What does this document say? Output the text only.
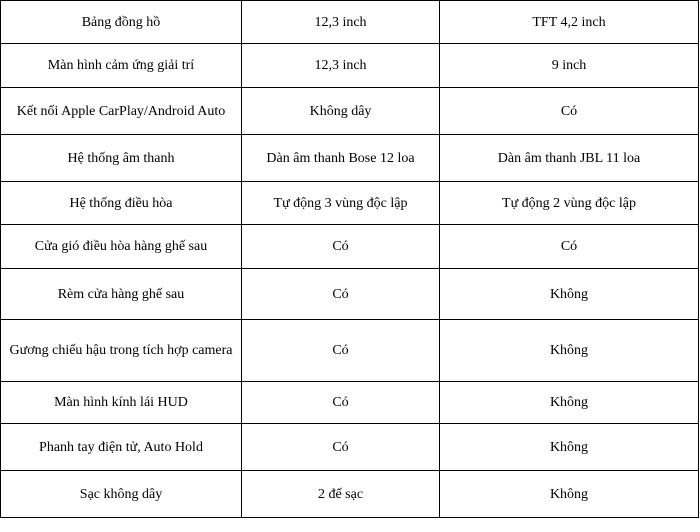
Bảng đồng hồ	12,3 inch	TFT 4,2 inch
Màn hình cảm ứng giải trí	12,3 inch	9 inch
Kết nối Apple CarPlay/Android Auto	Không dây	Có
Hệ thống âm thanh	Dàn âm thanh Bose 12 loa	Dàn âm thanh JBL 11 loa
Hệ thống điều hòa	Tự động 3 vùng độc lập	Tự động 2 vùng độc lập
Cửa gió điều hòa hàng ghế sau	Có	Có
Rèm cửa hàng ghế sau	Có	Không
Gương chiếu hậu trong tích hợp camera	Có	Không
Màn hình kính lái HUD	Có	Không
Phanh tay điện tử, Auto Hold	Có	Không
Sạc không dây	2 đế sạc	Không
